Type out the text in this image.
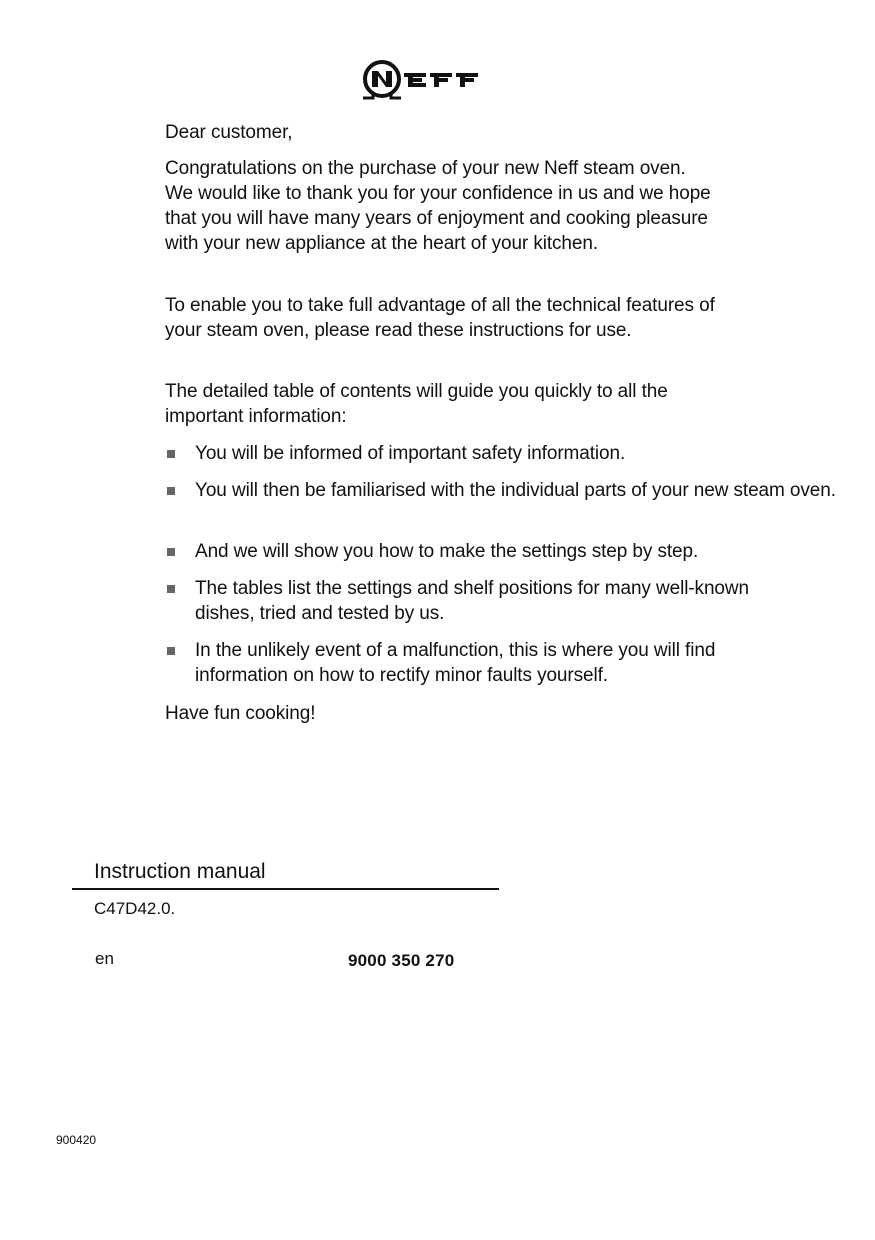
Dear customer,

Congratulations on the purchase of your new Neff steam oven. We would like to thank you for your confidence in us and we hope that you will have many years of enjoyment and cooking pleasure with your new appliance at the heart of your kitchen.

To enable you to take full advantage of all the technical features of your steam oven, please read these instructions for use.

The detailed table of contents will guide you quickly to all the important information:

You will be informed of important safety information.
You will then be familiarised with the individual parts of your new steam oven.
And we will show you how to make the settings step by step.
The tables list the settings and shelf positions for many well-known dishes, tried and tested by us.
In the unlikely event of a malfunction, this is where you will find information on how to rectify minor faults yourself.

Have fun cooking!

Instruction manual
C47D42.0.
en	9000 350 270
900420
